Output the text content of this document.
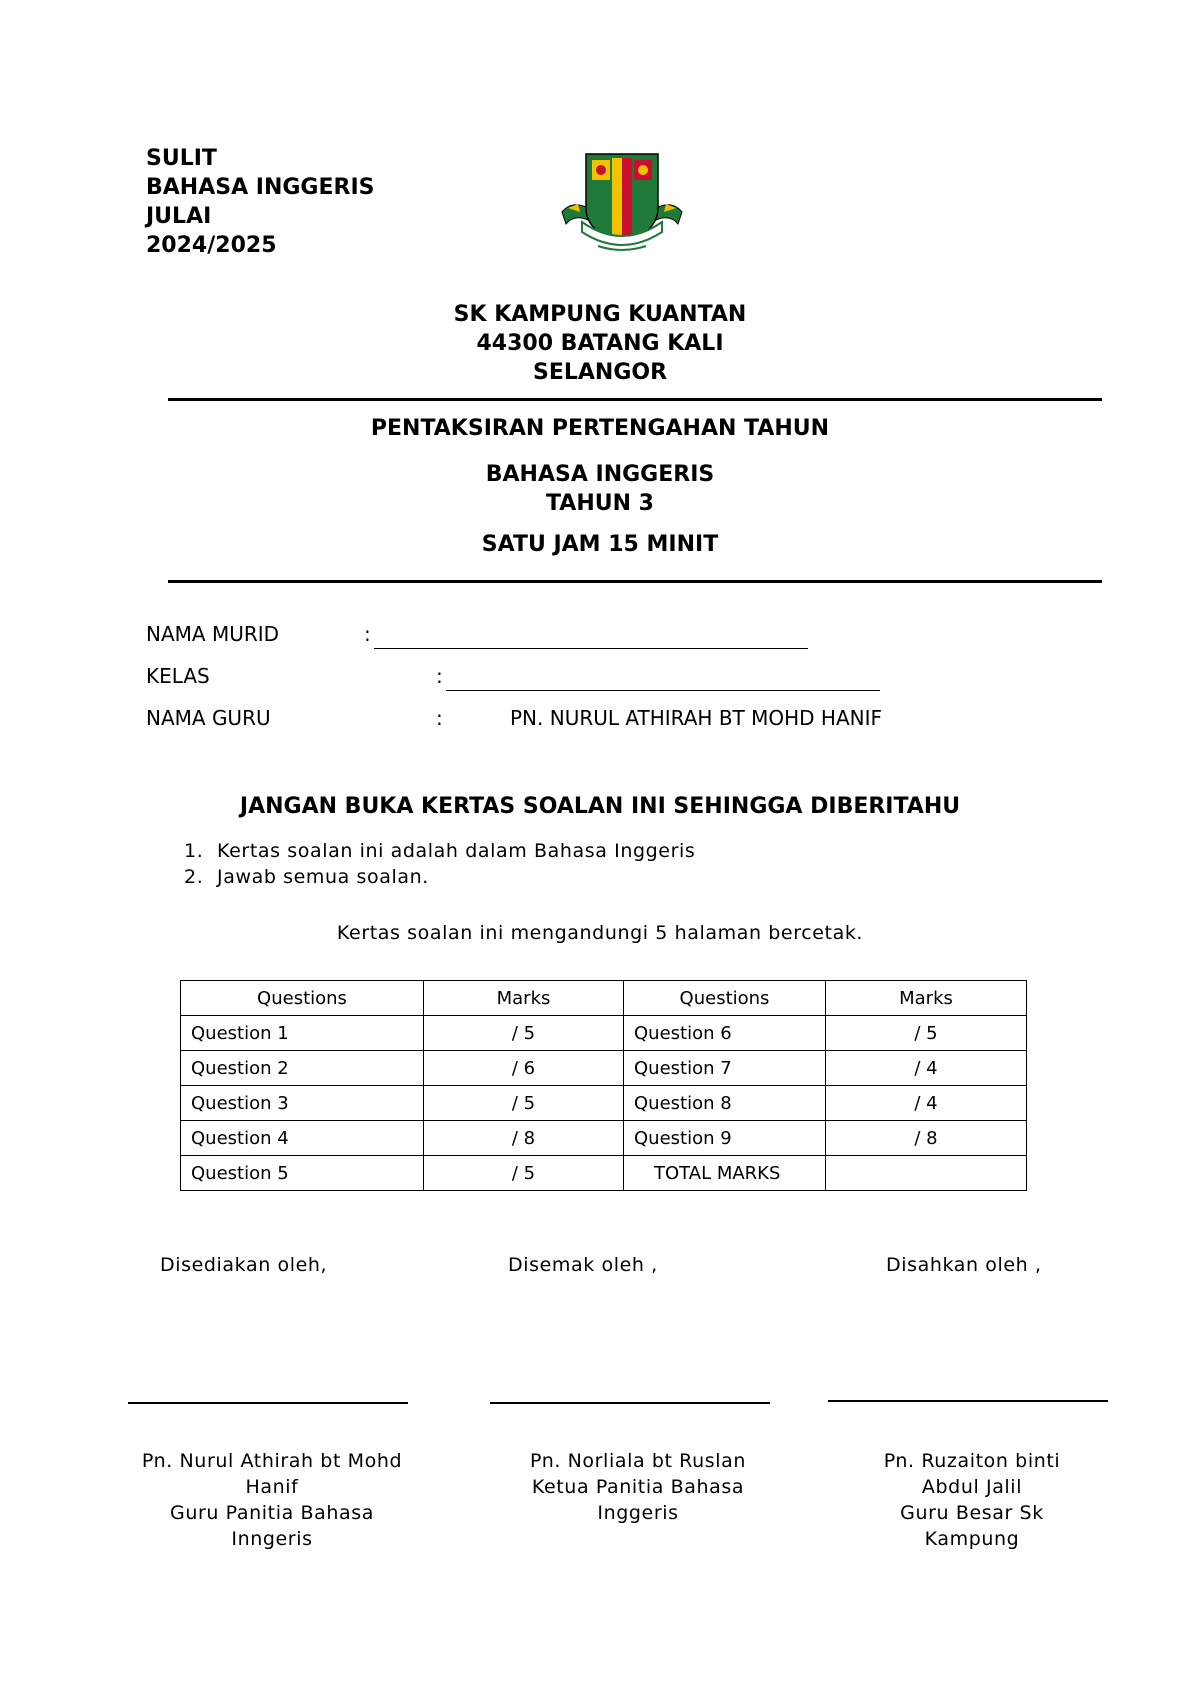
SULIT
BAHASA INGGERIS
JULAI
2024/2025
SK KAMPUNG KUANTAN
44300 BATANG KALI
SELANGOR
PENTAKSIRAN PERTENGAHAN TAHUN
BAHASA INGGERIS
TAHUN 3
SATU JAM 15 MINIT
NAMA MURID	:
KELAS	:
NAMA GURU	:	PN. NURUL ATHIRAH BT MOHD HANIF
JANGAN BUKA KERTAS SOALAN INI SEHINGGA DIBERITAHU
1. Kertas soalan ini adalah dalam Bahasa Inggeris
2. Jawab semua soalan.
Kertas soalan ini mengandungi 5 halaman bercetak.
Questions	Marks	Questions	Marks
Question 1	/ 5	Question 6	/ 5
Question 2	/ 6	Question 7	/ 4
Question 3	/ 5	Question 8	/ 4
Question 4	/ 8	Question 9	/ 8
Question 5	/ 5	TOTAL MARKS	
Disediakan oleh,	Disemak oleh ,	Disahkan oleh ,
Pn. Nurul Athirah bt Mohd
Hanif
Guru Panitia Bahasa
Inngeris
Pn. Norliala bt Ruslan
Ketua Panitia Bahasa
Inggeris
Pn. Ruzaiton binti
Abdul Jalil
Guru Besar Sk
Kampung
